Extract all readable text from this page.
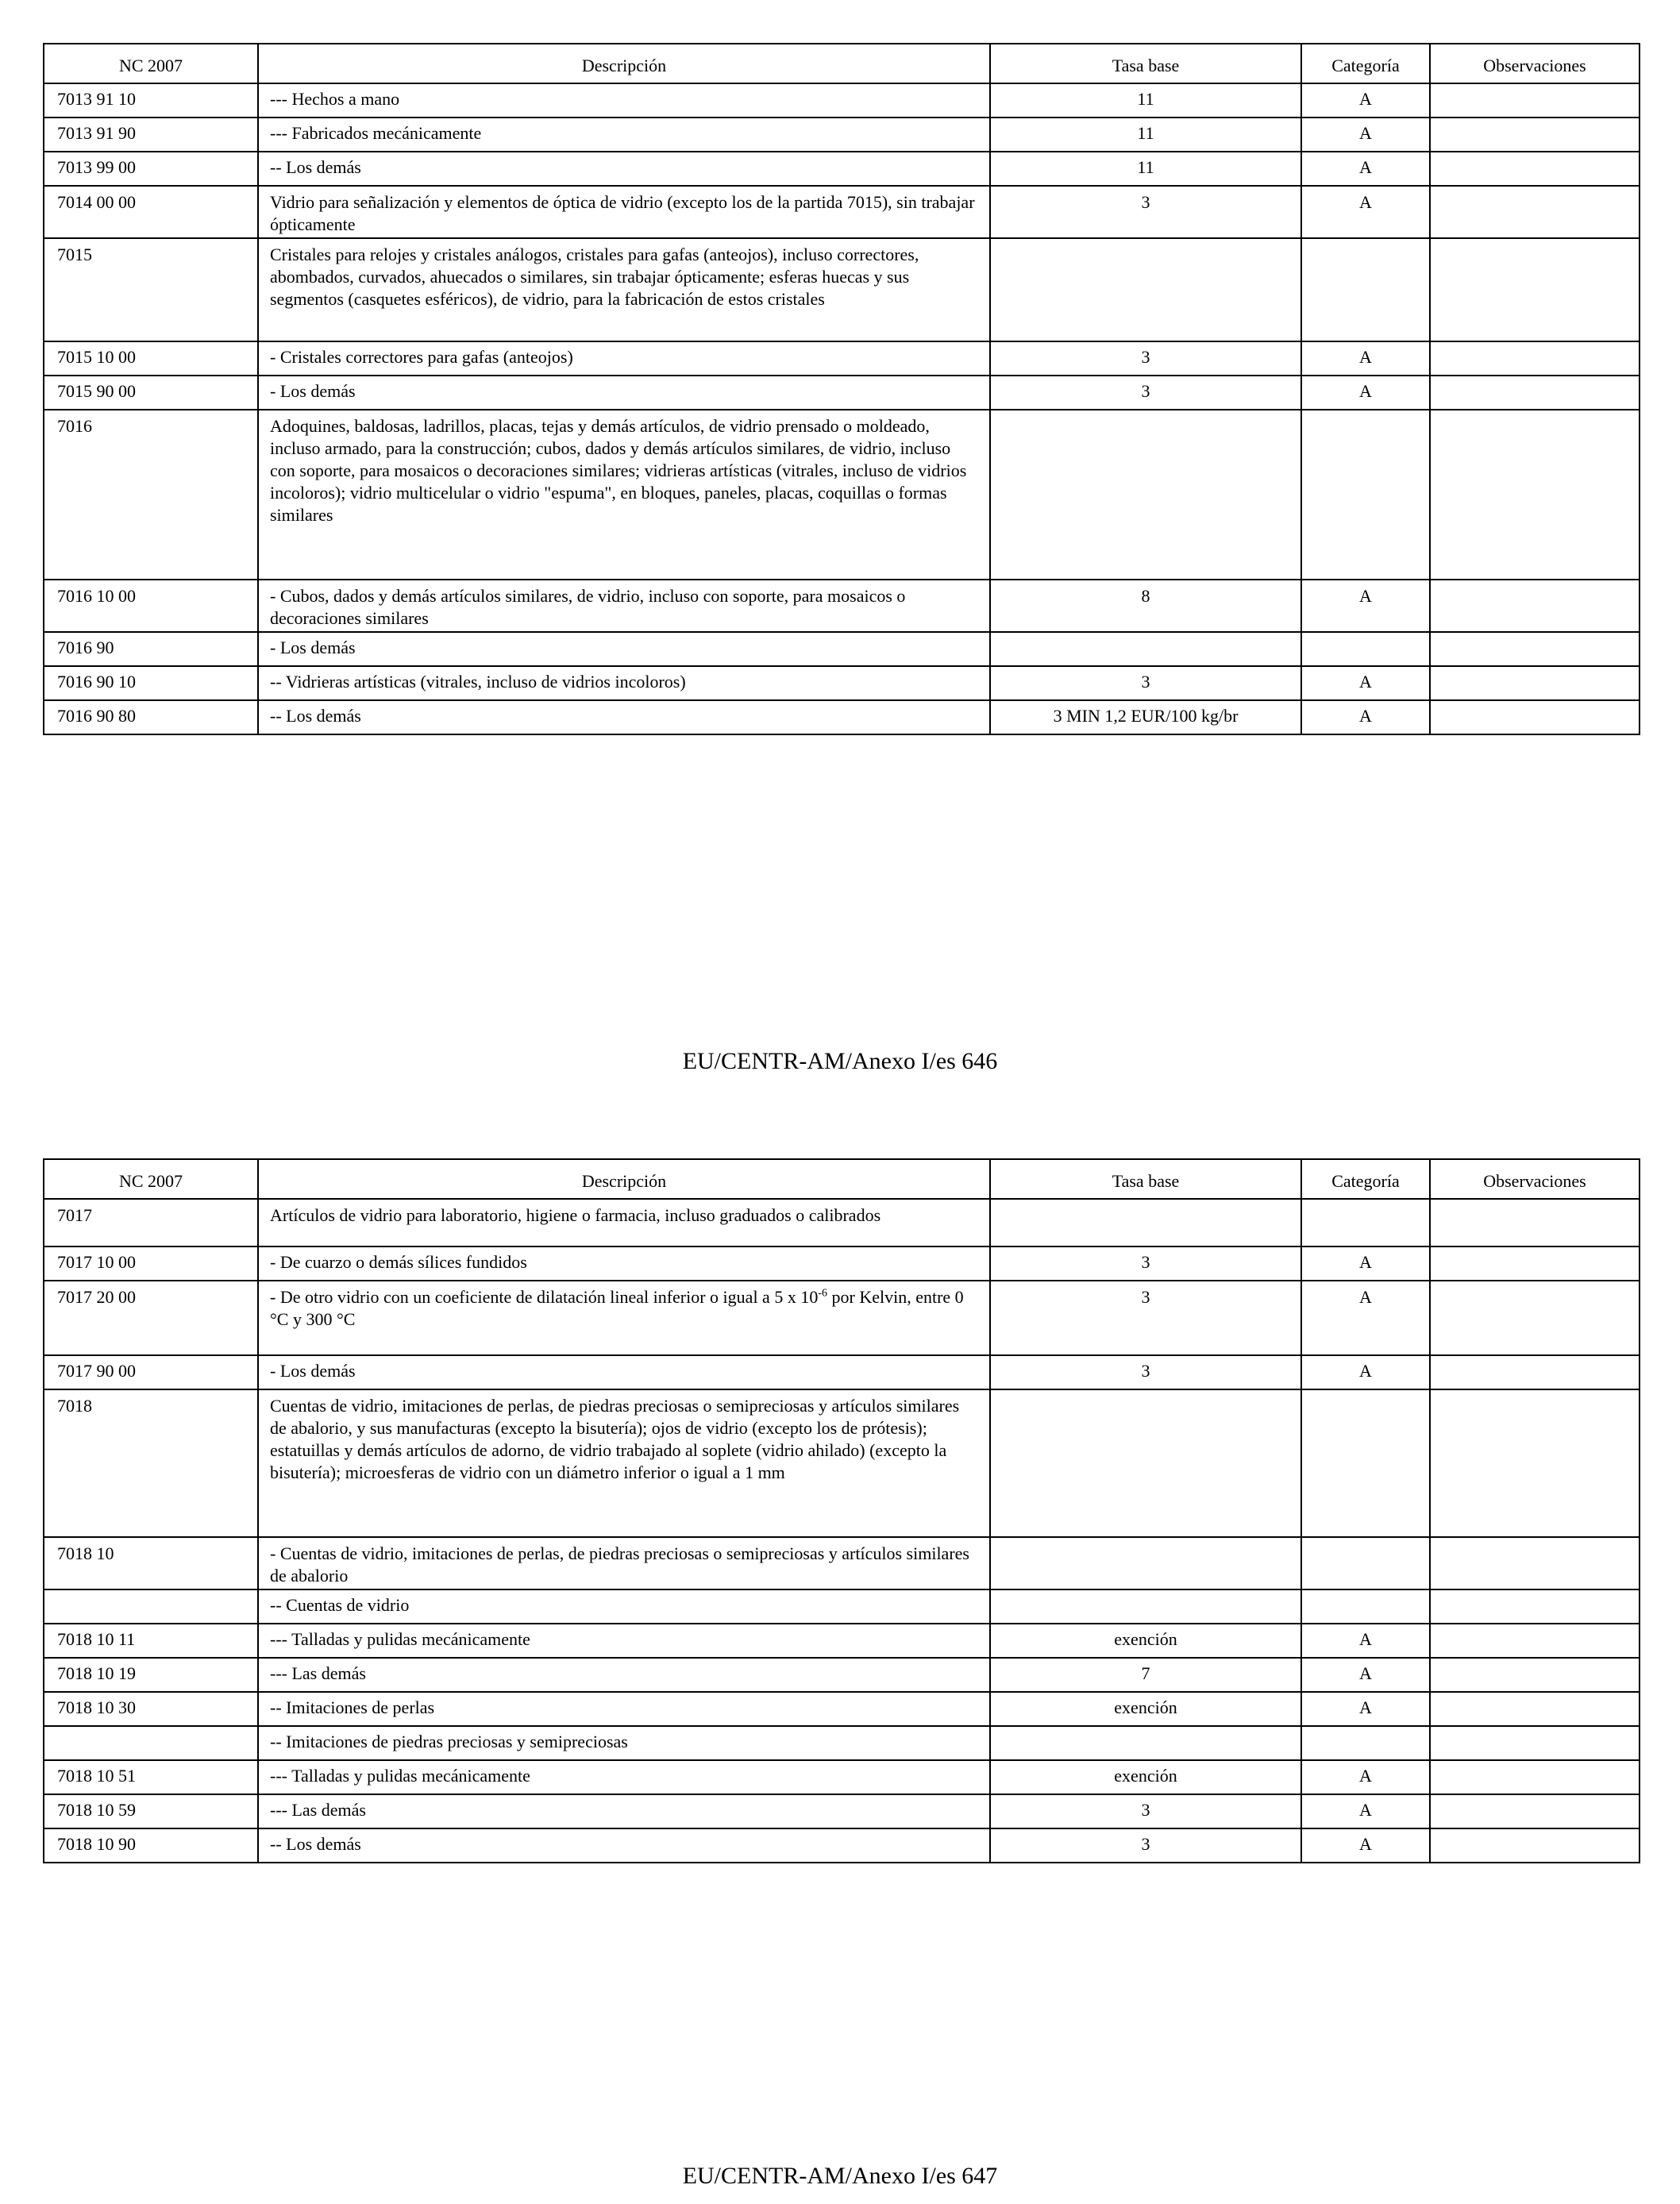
NC 2007	Descripción	Tasa base	Categoría	Observaciones
7013 91 10	--- Hechos a mano	11	A	
7013 91 90	--- Fabricados mecánicamente	11	A	
7013 99 00	-- Los demás	11	A	
7014 00 00	Vidrio para señalización y elementos de óptica de vidrio (excepto los de la partida 7015), sin trabajar ópticamente	3	A	
7015	Cristales para relojes y cristales análogos, cristales para gafas (anteojos), incluso correctores, abombados, curvados, ahuecados o similares, sin trabajar ópticamente; esferas huecas y sus segmentos (casquetes esféricos), de vidrio, para la fabricación de estos cristales			
7015 10 00	- Cristales correctores para gafas (anteojos)	3	A	
7015 90 00	- Los demás	3	A	
7016	Adoquines, baldosas, ladrillos, placas, tejas y demás artículos, de vidrio prensado o moldeado, incluso armado, para la construcción; cubos, dados y demás artículos similares, de vidrio, incluso con soporte, para mosaicos o decoraciones similares; vidrieras artísticas (vitrales, incluso de vidrios incoloros); vidrio multicelular o vidrio "espuma", en bloques, paneles, placas, coquillas o formas similares			
7016 10 00	- Cubos, dados y demás artículos similares, de vidrio, incluso con soporte, para mosaicos o decoraciones similares	8	A	
7016 90	- Los demás			
7016 90 10	-- Vidrieras artísticas (vitrales, incluso de vidrios incoloros)	3	A	
7016 90 80	-- Los demás	3 MIN 1,2 EUR/100 kg/br	A	
EU/CENTR-AM/Anexo I/es 646
NC 2007	Descripción	Tasa base	Categoría	Observaciones
7017	Artículos de vidrio para laboratorio, higiene o farmacia, incluso graduados o calibrados			
7017 10 00	- De cuarzo o demás sílices fundidos	3	A	
7017 20 00	- De otro vidrio con un coeficiente de dilatación lineal inferior o igual a 5 x $10^{-6}$ por Kelvin, entre 0 °C y 300 °C	3	A	
7017 90 00	- Los demás	3	A	
7018	Cuentas de vidrio, imitaciones de perlas, de piedras preciosas o semipreciosas y artículos similares de abalorio, y sus manufacturas (excepto la bisutería); ojos de vidrio (excepto los de prótesis); estatuillas y demás artículos de adorno, de vidrio trabajado al soplete (vidrio ahilado) (excepto la bisutería); microesferas de vidrio con un diámetro inferior o igual a 1 mm			
7018 10	- Cuentas de vidrio, imitaciones de perlas, de piedras preciosas o semipreciosas y artículos similares de abalorio			
	-- Cuentas de vidrio			
7018 10 11	--- Talladas y pulidas mecánicamente	exención	A	
7018 10 19	--- Las demás	7	A	
7018 10 30	-- Imitaciones de perlas	exención	A	
	-- Imitaciones de piedras preciosas y semipreciosas			
7018 10 51	--- Talladas y pulidas mecánicamente	exención	A	
7018 10 59	--- Las demás	3	A	
7018 10 90	-- Los demás	3	A	
EU/CENTR-AM/Anexo I/es 647
